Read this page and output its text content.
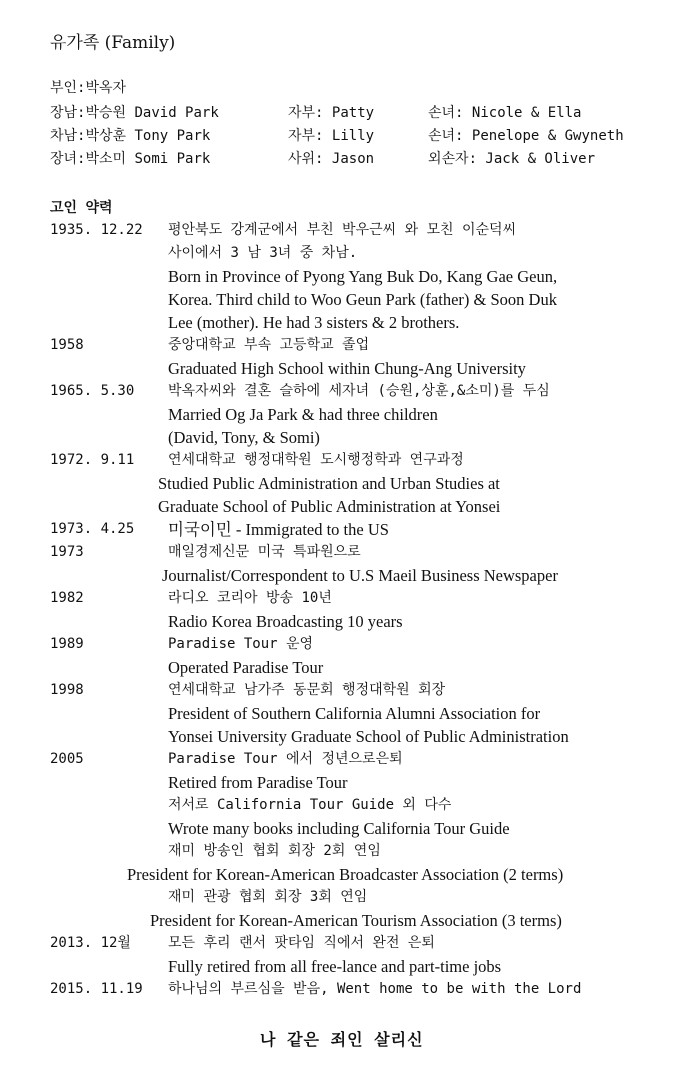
유가족 (Family)
부인:박옥자
장남:박승원 David Park	자부: Patty	손녀: Nicole & Ella
차남:박상훈 Tony Park	자부: Lilly	손녀: Penelope & Gwyneth
장녀:박소미 Somi Park	사위: Jason	외손자: Jack & Oliver
고인 약력
1935. 12.22 평안북도 강계군에서 부친 박우근씨 와 모친 이순덕씨
사이에서 3 남 3녀 중 차남.
Born in Province of Pyong Yang Buk Do, Kang Gae Geun,
Korea. Third child to Woo Geun Park (father) & Soon Duk
Lee (mother). He had 3 sisters & 2 brothers.
1958	중앙대학교 부속 고등학교 졸업
Graduated High School within Chung-Ang University
1965. 5.30 박옥자씨와 결혼 슬하에 세자녀 (승원,상훈,&소미)를 두심
Married Og Ja Park & had three children
(David, Tony, & Somi)
1972. 9.11 연세대학교 행정대학원 도시행정학과 연구과정
Studied Public Administration and Urban Studies at
Graduate School of Public Administration at Yonsei
1973. 4.25 미국이민 - Immigrated to the US
1973	매일경제신문 미국 특파원으로
Journalist/Correspondent to U.S Maeil Business Newspaper
1982	라디오 코리아 방송 10년
Radio Korea Broadcasting 10 years
1989	Paradise Tour 운영
Operated Paradise Tour
1998	연세대학교 남가주 동문회 행정대학원 회장
President of Southern California Alumni Association for
Yonsei University Graduate School of Public Administration
2005	Paradise Tour 에서 정년으로은퇴
Retired from Paradise Tour
저서로 California Tour Guide 외 다수
Wrote many books including California Tour Guide
재미 방송인 협회 회장 2회 연임
President for Korean-American Broadcaster Association (2 terms)
재미 관광 협회 회장 3회 연임
President for Korean-American Tourism Association (3 terms)
2013. 12월	모든 후리 랜서 팟타임 직에서 완전 은퇴
Fully retired from all free-lance and part-time jobs
2015. 11.19 하나님의 부르심을 받음, Went home to be with the Lord
나 같은 죄인 살리신
